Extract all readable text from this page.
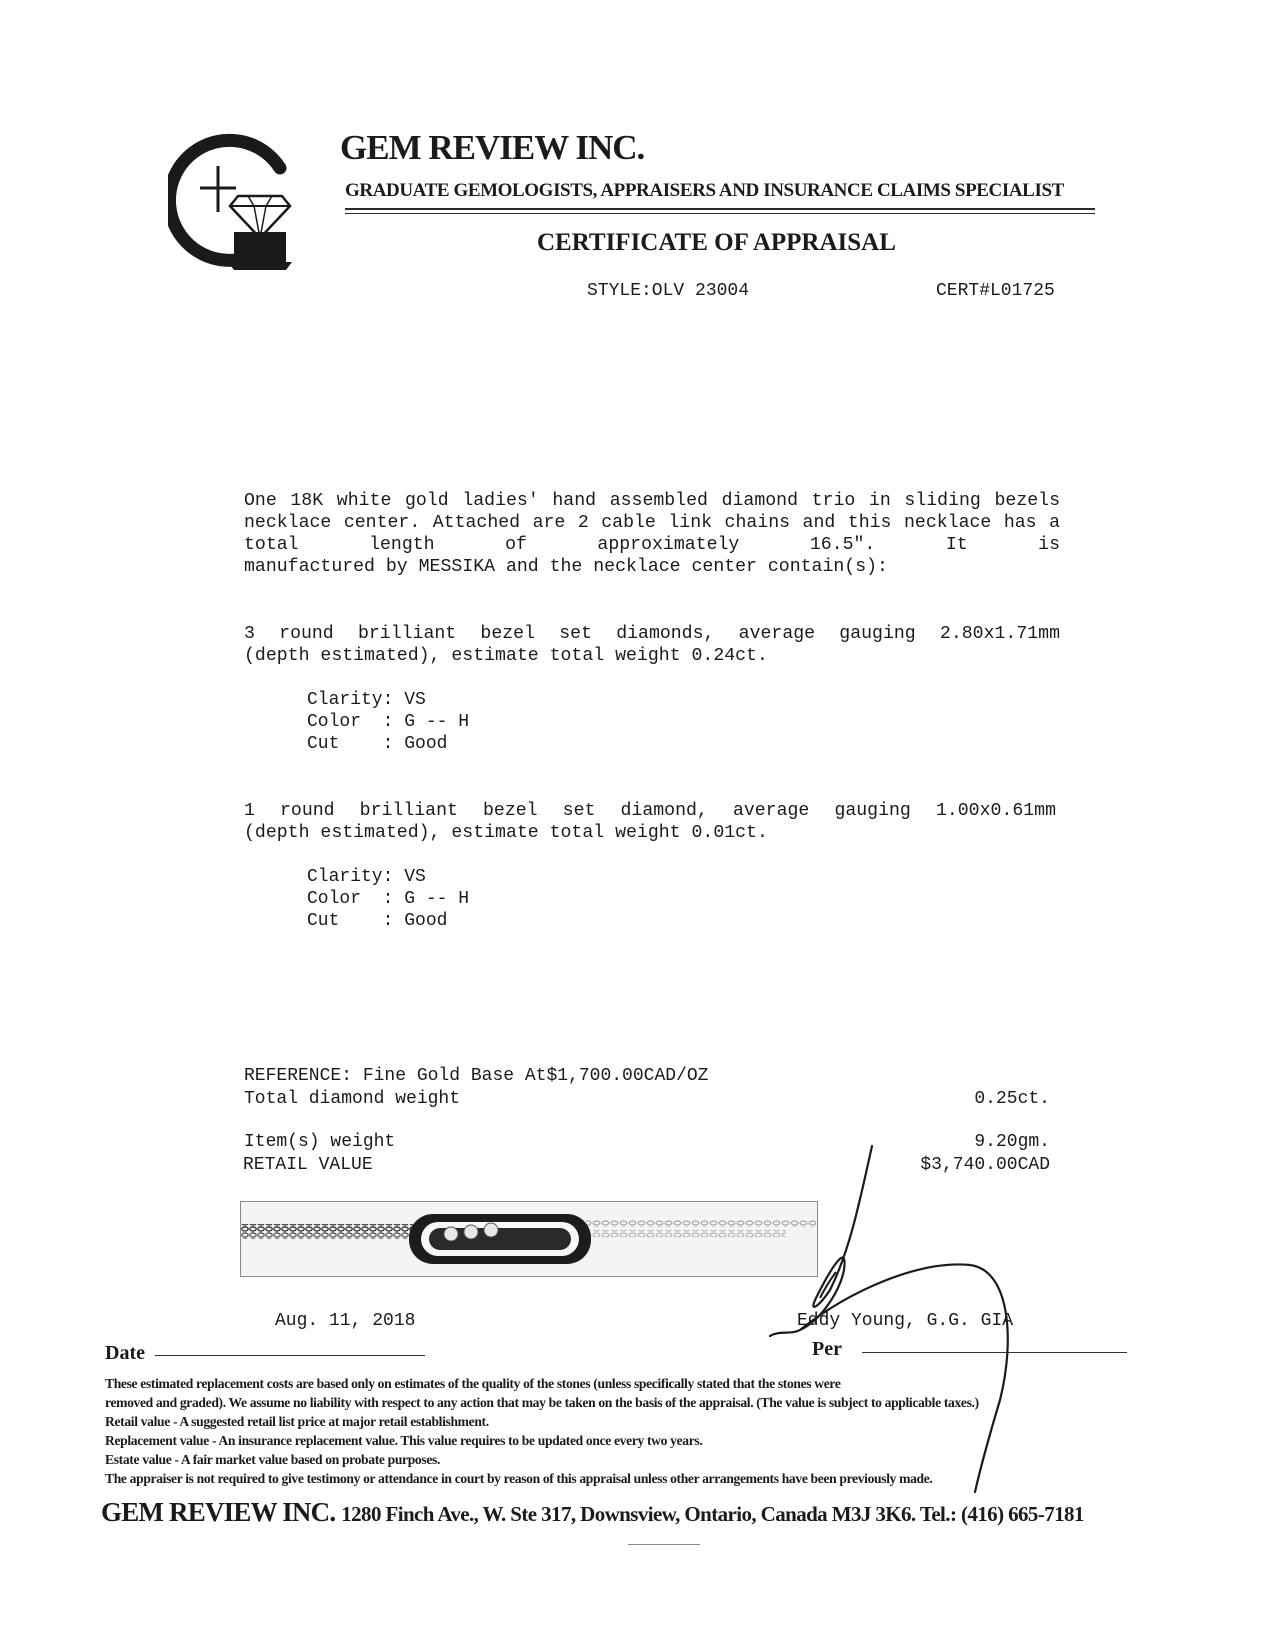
GEM REVIEW INC.
GRADUATE GEMOLOGISTS, APPRAISERS AND INSURANCE CLAIMS SPECIALIST
CERTIFICATE OF APPRAISAL
STYLE:OLV 23004	CERT#L01725

One 18K white gold ladies' hand assembled diamond trio in sliding bezels necklace center. Attached are 2 cable link chains and this necklace has a total length of approximately 16.5". It is
manufactured by MESSIKA and the necklace center contain(s):

3 round brilliant bezel set diamonds, average gauging 2.80x1.71mm
(depth estimated), estimate total weight 0.24ct.

Clarity: VS
Color  : G -- H
Cut    : Good

1 round brilliant bezel set diamond, average gauging 1.00x0.61mm
(depth estimated), estimate total weight 0.01ct.

Clarity: VS
Color  : G -- H
Cut    : Good
REFERENCE: Fine Gold Base At$1,700.00CAD/OZ
Total diamond weight	0.25ct.
Item(s) weight	9.20gm.
RETAIL VALUE	$3,740.00CAD
Aug. 11, 2018	Eddy Young, G.G. GIA
Date	Per
These estimated replacement costs are based only on estimates of the quality of the stones (unless specifically stated that the stones were
removed and graded). We assume no liability with respect to any action that may be taken on the basis of the appraisal. (The value is subject to applicable taxes.)
Retail value - A suggested retail list price at major retail establishment.
Replacement value - An insurance replacement value. This value requires to be updated once every two years.
Estate value - A fair market value based on probate purposes.
The appraiser is not required to give testimony or attendance in court by reason of this appraisal unless other arrangements have been previously made.
GEM REVIEW INC. 1280 Finch Ave., W. Ste 317, Downsview, Ontario, Canada M3J 3K6. Tel.: (416) 665-7181
